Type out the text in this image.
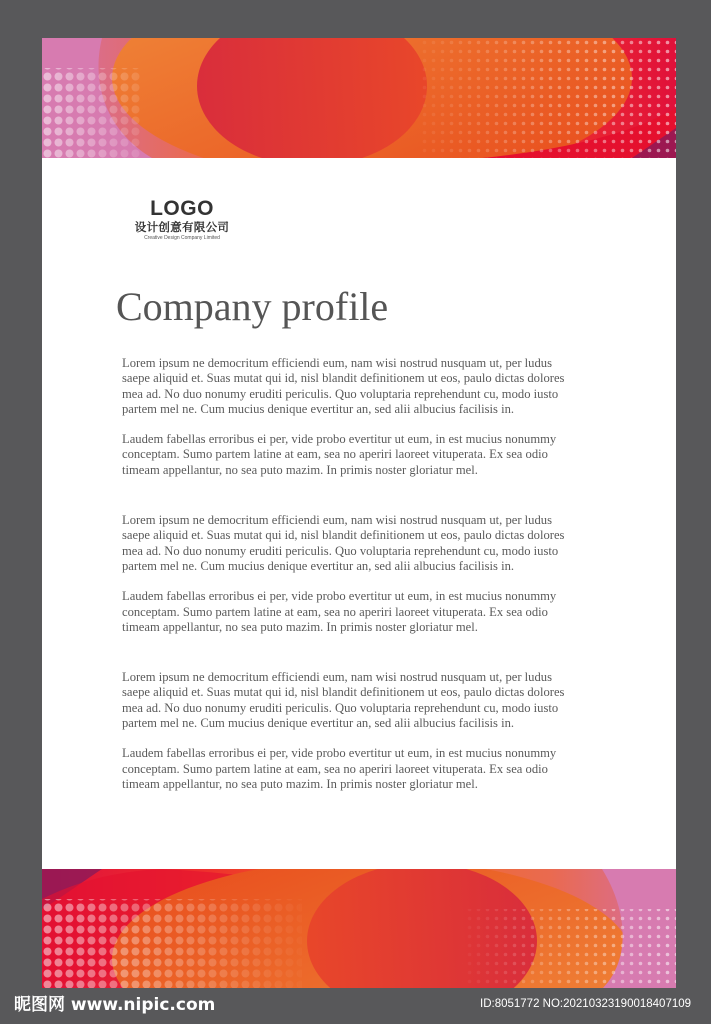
LOGO
设计创意有限公司
Creative Design Company Limited
Company profile

Lorem ipsum ne democritum efficiendi eum, nam wisi nostrud nusquam ut, per ludus
saepe aliquid et. Suas mutat qui id, nisl blandit definitionem ut eos, paulo dictas dolores
mea ad. No duo nonumy eruditi periculis. Quo voluptaria reprehendunt cu, modo iusto
partem mel ne. Cum mucius denique evertitur an, sed alii albucius facilisis in.

Laudem fabellas erroribus ei per, vide probo evertitur ut eum, in est mucius nonummy
conceptam. Sumo partem latine at eam, sea no aperiri laoreet vituperata. Ex sea odio
timeam appellantur, no sea puto mazim. In primis noster gloriatur mel.

Lorem ipsum ne democritum efficiendi eum, nam wisi nostrud nusquam ut, per ludus
saepe aliquid et. Suas mutat qui id, nisl blandit definitionem ut eos, paulo dictas dolores
mea ad. No duo nonumy eruditi periculis. Quo voluptaria reprehendunt cu, modo iusto
partem mel ne. Cum mucius denique evertitur an, sed alii albucius facilisis in.

Laudem fabellas erroribus ei per, vide probo evertitur ut eum, in est mucius nonummy
conceptam. Sumo partem latine at eam, sea no aperiri laoreet vituperata. Ex sea odio
timeam appellantur, no sea puto mazim. In primis noster gloriatur mel.

Lorem ipsum ne democritum efficiendi eum, nam wisi nostrud nusquam ut, per ludus
saepe aliquid et. Suas mutat qui id, nisl blandit definitionem ut eos, paulo dictas dolores
mea ad. No duo nonumy eruditi periculis. Quo voluptaria reprehendunt cu, modo iusto
partem mel ne. Cum mucius denique evertitur an, sed alii albucius facilisis in.

Laudem fabellas erroribus ei per, vide probo evertitur ut eum, in est mucius nonummy
conceptam. Sumo partem latine at eam, sea no aperiri laoreet vituperata. Ex sea odio
timeam appellantur, no sea puto mazim. In primis noster gloriatur mel.

昵图网 www.nipic.com	ID:8051772 NO:20210323190018407109
